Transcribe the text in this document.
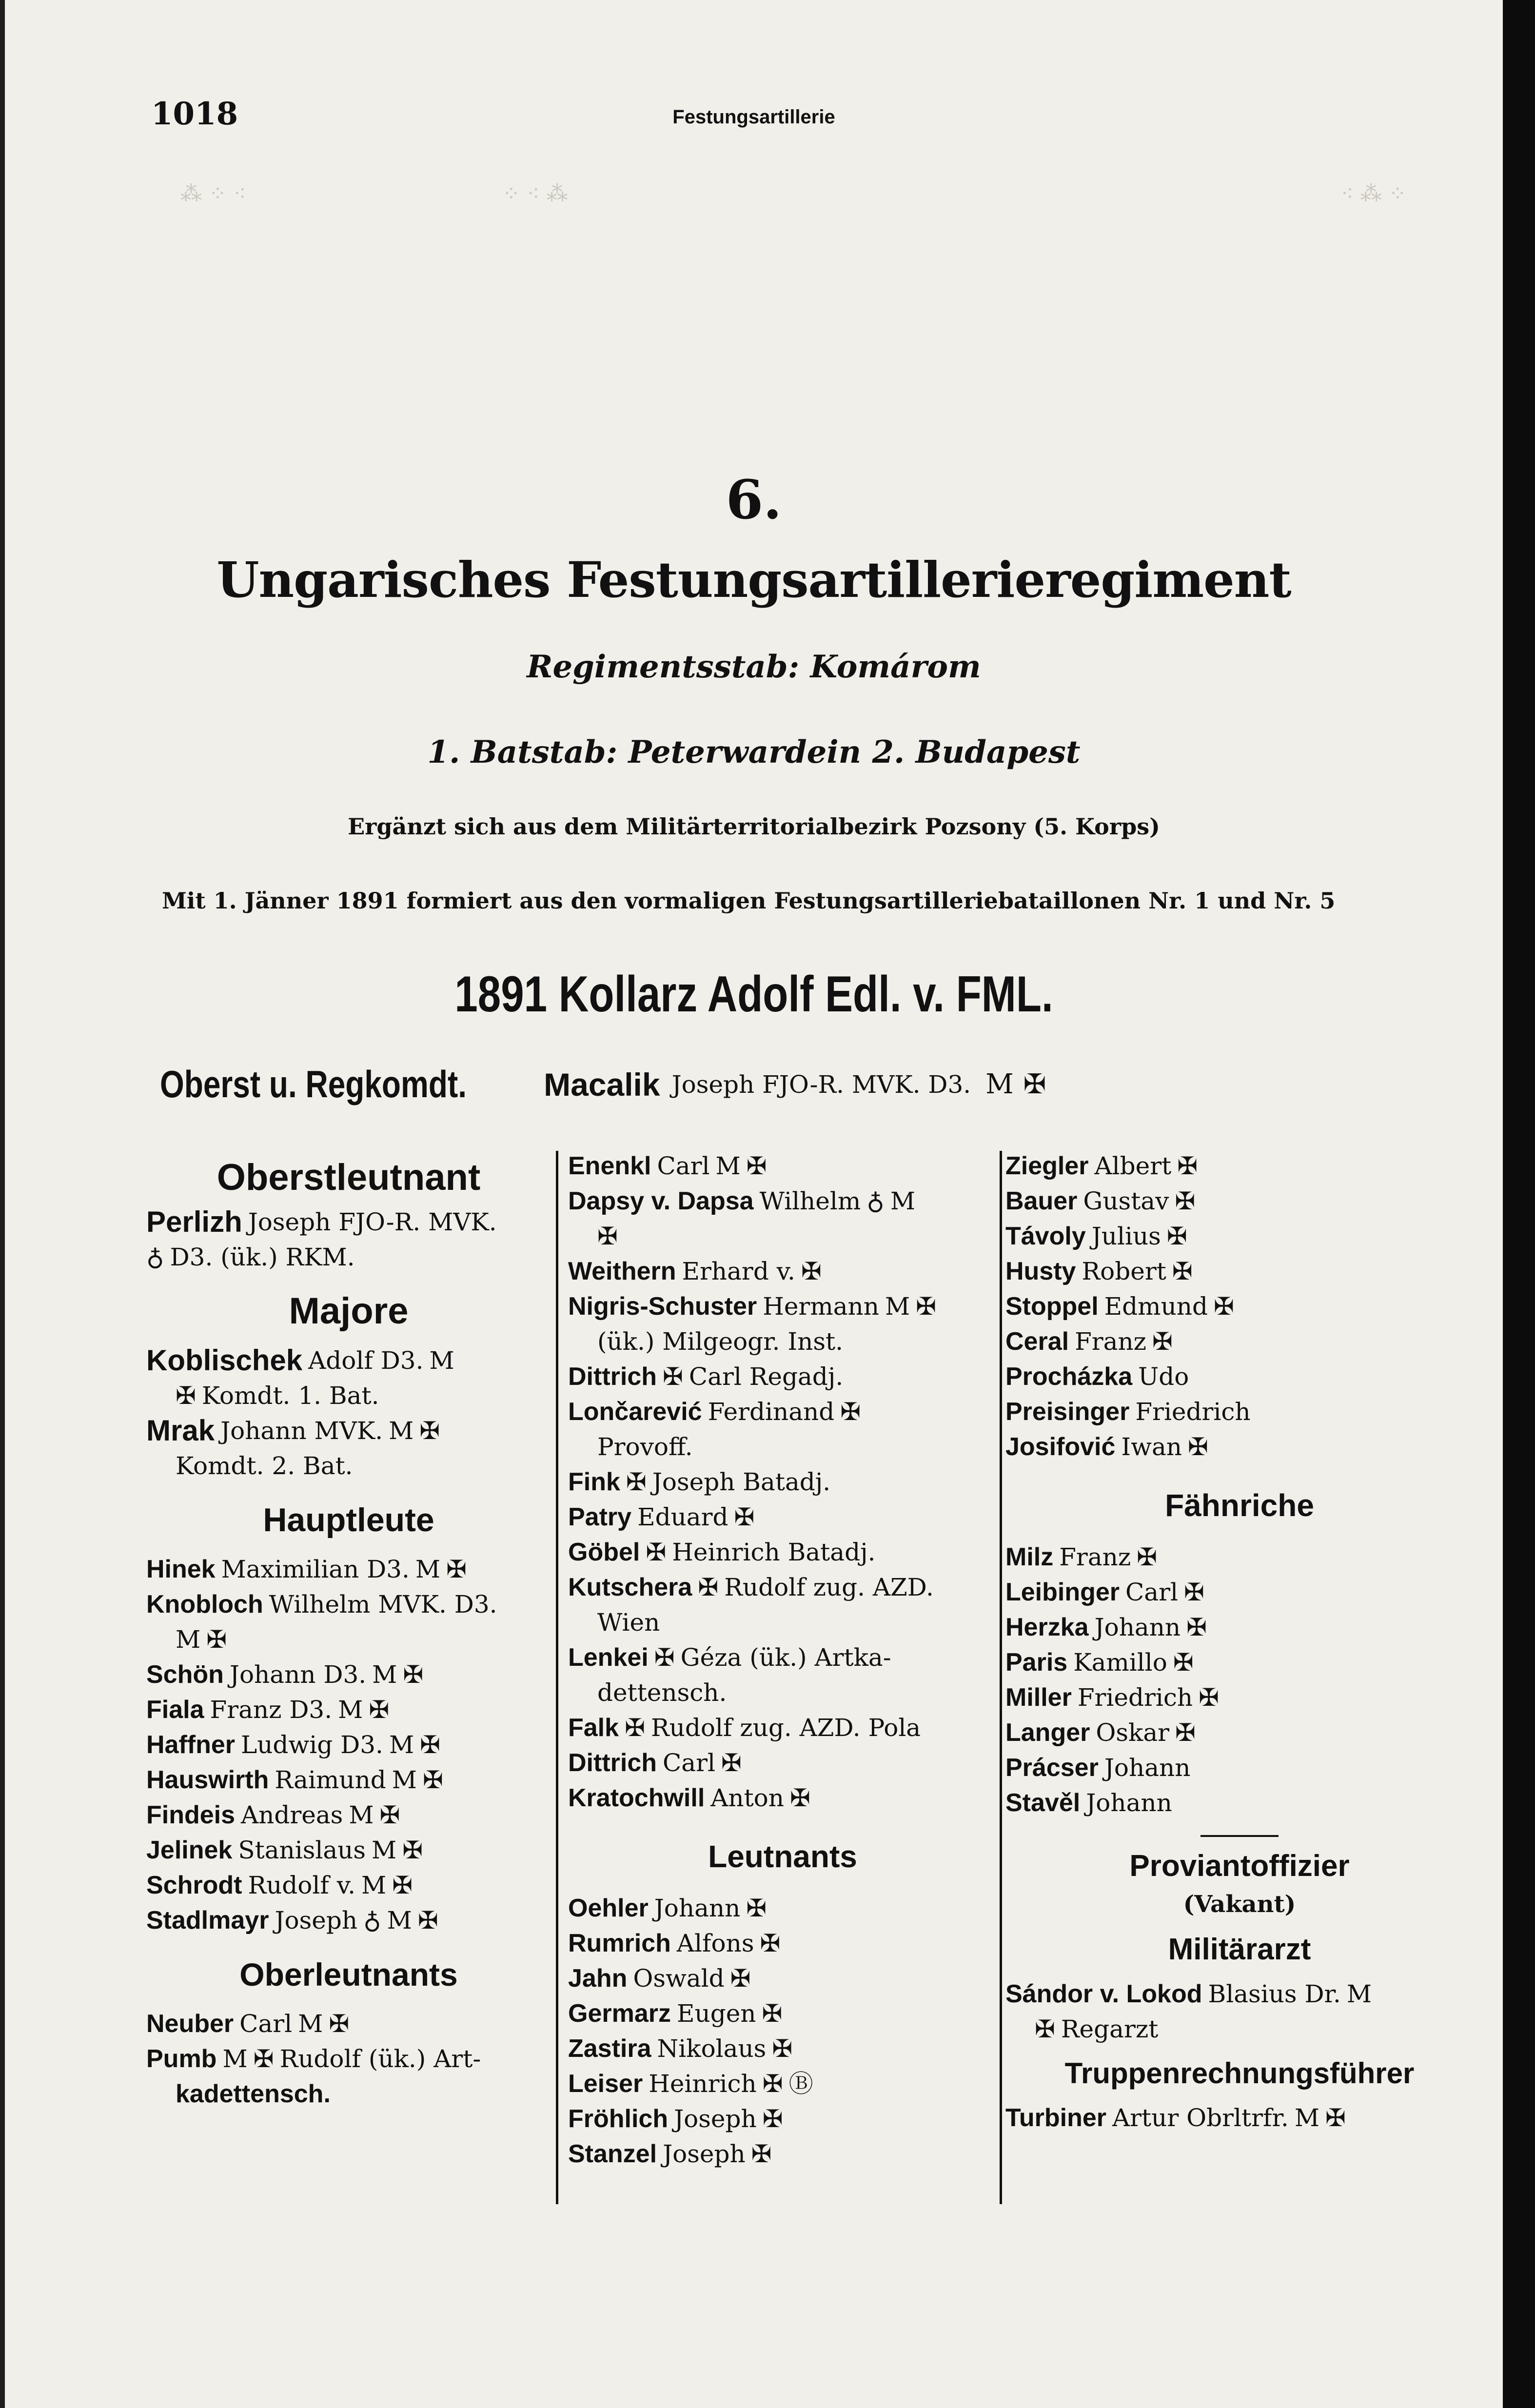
⁂ ⁘ ⁖	⁘ ⁖ ⁂	⁖ ⁂ ⁘
1018	Festungsartillerie
6.
Ungarisches Festungsartillerieregiment
Regimentsstab: Komárom
1. Batstab: Peterwardein 2. Budapest
Ergänzt sich aus dem Militärterritorialbezirk Pozsony (5. Korps)
Mit 1. Jänner 1891 formiert aus den vormaligen Festungsartilleriebataillonen Nr. 1 und Nr. 5
1891 Kollarz Adolf Edl. v. FML.
Oberst u. Regkomdt. Macalik Joseph FJO-R. MVK. D3. M ✠
Oberstleutnant
Perlizh Joseph FJO-R. MVK.
♁ D3. (ük.) RKM.
Majore
Koblischek Adolf D3. M
✠ Komdt. 1. Bat.
Mrak Johann MVK. M ✠
Komdt. 2. Bat.
Hauptleute
Hinek Maximilian D3. M ✠
Knobloch Wilhelm MVK. D3.
M ✠
Schön Johann D3. M ✠
Fiala Franz D3. M ✠
Haffner Ludwig D3. M ✠
Hauswirth Raimund M ✠
Findeis Andreas M ✠
Jelinek Stanislaus M ✠
Schrodt Rudolf v. M ✠
Stadlmayr Joseph ♁ M ✠
Oberleutnants
Neuber Carl M ✠
Pumb M ✠ Rudolf (ük.) Art-
kadettensch.
Enenkl Carl M ✠
Dapsy v. Dapsa Wilhelm ♁ M
✠
Weithern Erhard v. ✠
Nigris-Schuster Hermann M ✠
(ük.) Milgeogr. Inst.
Dittrich ✠ Carl Regadj.
Lončarević Ferdinand ✠
Provoff.
Fink ✠ Joseph Batadj.
Patry Eduard ✠
Göbel ✠ Heinrich Batadj.
Kutschera ✠ Rudolf zug. AZD.
Wien
Lenkei ✠ Géza (ük.) Artka-
dettensch.
Falk ✠ Rudolf zug. AZD. Pola
Dittrich Carl ✠
Kratochwill Anton ✠
Leutnants
Oehler Johann ✠
Rumrich Alfons ✠
Jahn Oswald ✠
Germarz Eugen ✠
Zastira Nikolaus ✠
Leiser Heinrich ✠ Ⓑ
Fröhlich Joseph ✠
Stanzel Joseph ✠
Ziegler Albert ✠
Bauer Gustav ✠
Távoly Julius ✠
Husty Robert ✠
Stoppel Edmund ✠
Ceral Franz ✠
Procházka Udo
Preisinger Friedrich
Josifović Iwan ✠
Fähnriche
Milz Franz ✠
Leibinger Carl ✠
Herzka Johann ✠
Paris Kamillo ✠
Miller Friedrich ✠
Langer Oskar ✠
Prácser Johann
Stavěl Johann
Proviantoffizier
(Vakant)
Militärarzt
Sándor v. Lokod Blasius Dr. M
✠ Regarzt
Truppenrechnungsführer
Turbiner Artur Obrltrfr. M ✠
